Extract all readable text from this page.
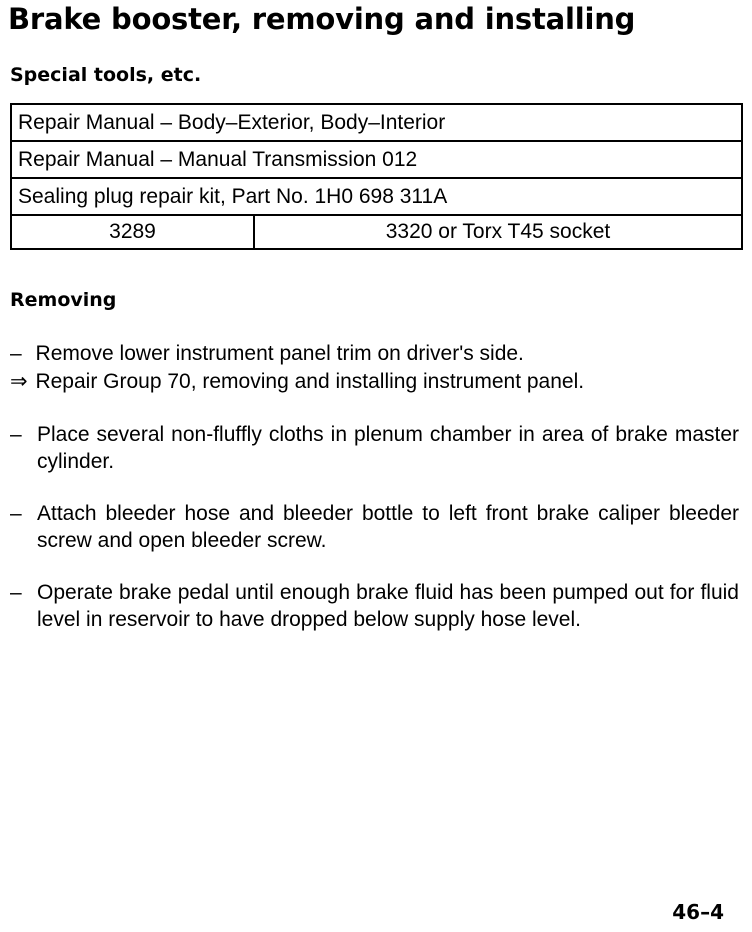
Brake booster, removing and installing
Special tools, etc.
Repair Manual – Body–Exterior, Body–Interior
Repair Manual – Manual Transmission 012
Sealing plug repair kit, Part No. 1H0 698 311A
3289	3320 or Torx T45 socket
Removing
– Remove lower instrument panel trim on driver's side.
⇒ Repair Group 70, removing and installing instrument panel.
– Place several non-fluffly cloths in plenum chamber in area of brake master cylinder.
– Attach bleeder hose and bleeder bottle to left front brake caliper bleeder screw and open bleeder screw.
– Operate brake pedal until enough brake fluid has been pumped out for fluid level in reservoir to have dropped below supply hose level.
46–4
